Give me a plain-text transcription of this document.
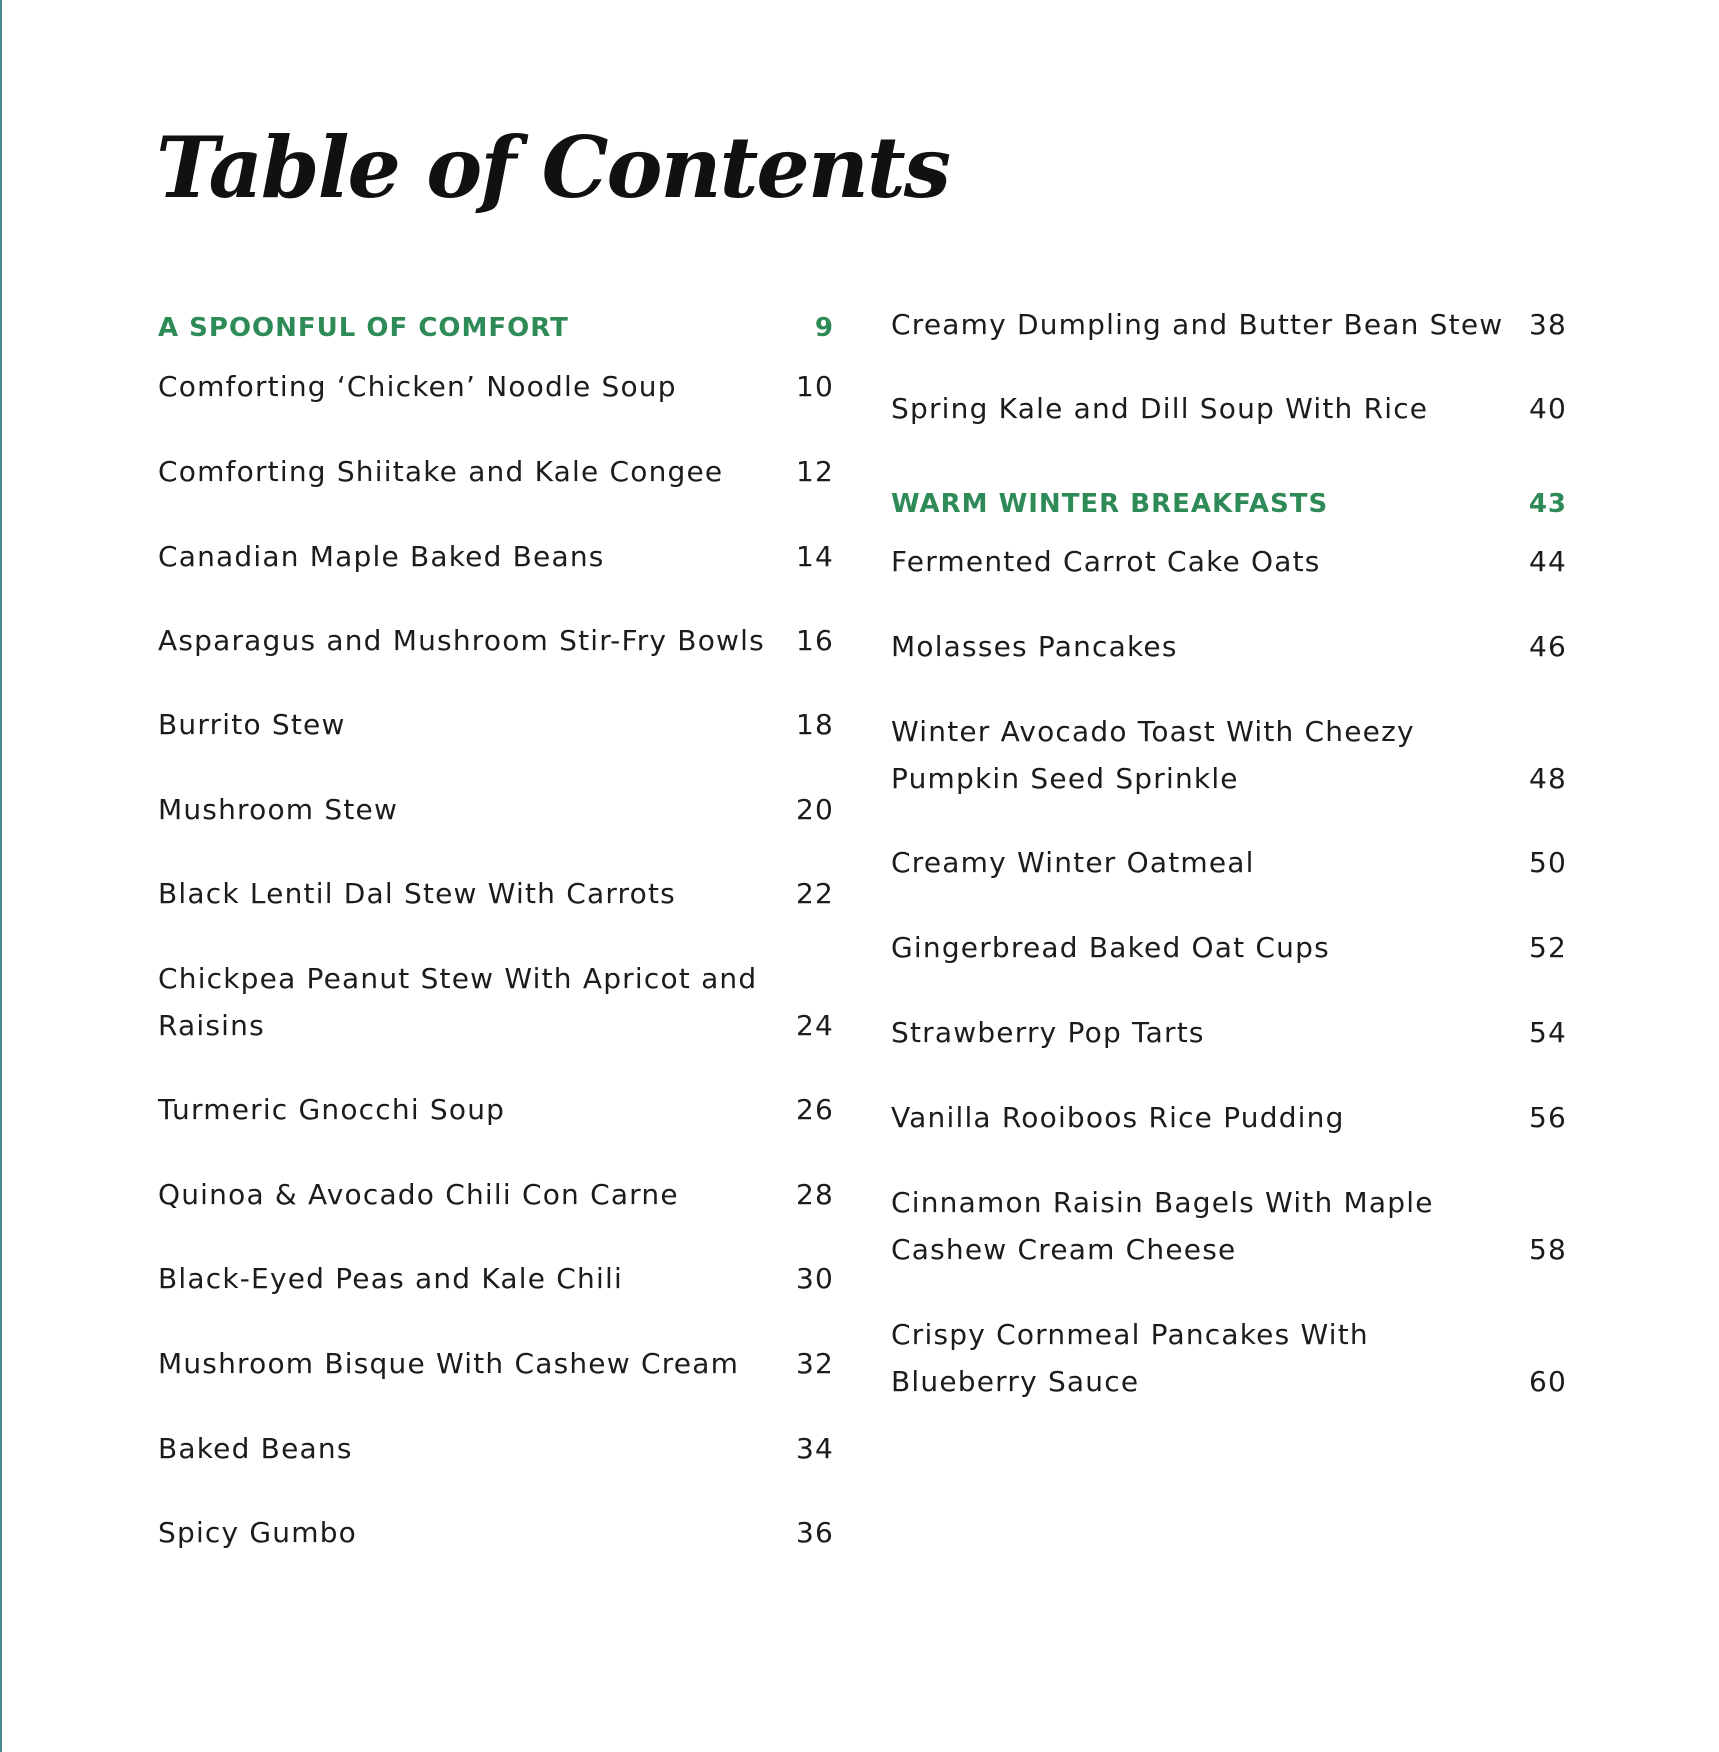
Table of Contents
A SPOONFUL OF COMFORT	9
Comforting ‘Chicken’ Noodle Soup	10
Comforting Shiitake and Kale Congee	12
Canadian Maple Baked Beans	14
Asparagus and Mushroom Stir-Fry Bowls	16
Burrito Stew	18
Mushroom Stew	20
Black Lentil Dal Stew With Carrots	22
Chickpea Peanut Stew With Apricot and Raisins	24
Turmeric Gnocchi Soup	26
Quinoa & Avocado Chili Con Carne	28
Black-Eyed Peas and Kale Chili	30
Mushroom Bisque With Cashew Cream	32
Baked Beans	34
Spicy Gumbo	36
Creamy Dumpling and Butter Bean Stew 38
Spring Kale and Dill Soup With Rice	40
WARM WINTER BREAKFASTS	43
Fermented Carrot Cake Oats	44
Molasses Pancakes	46
Winter Avocado Toast With Cheezy Pumpkin Seed Sprinkle	48
Creamy Winter Oatmeal	50
Gingerbread Baked Oat Cups	52
Strawberry Pop Tarts	54
Vanilla Rooiboos Rice Pudding	56
Cinnamon Raisin Bagels With Maple Cashew Cream Cheese	58
Crispy Cornmeal Pancakes With Blueberry Sauce	60
